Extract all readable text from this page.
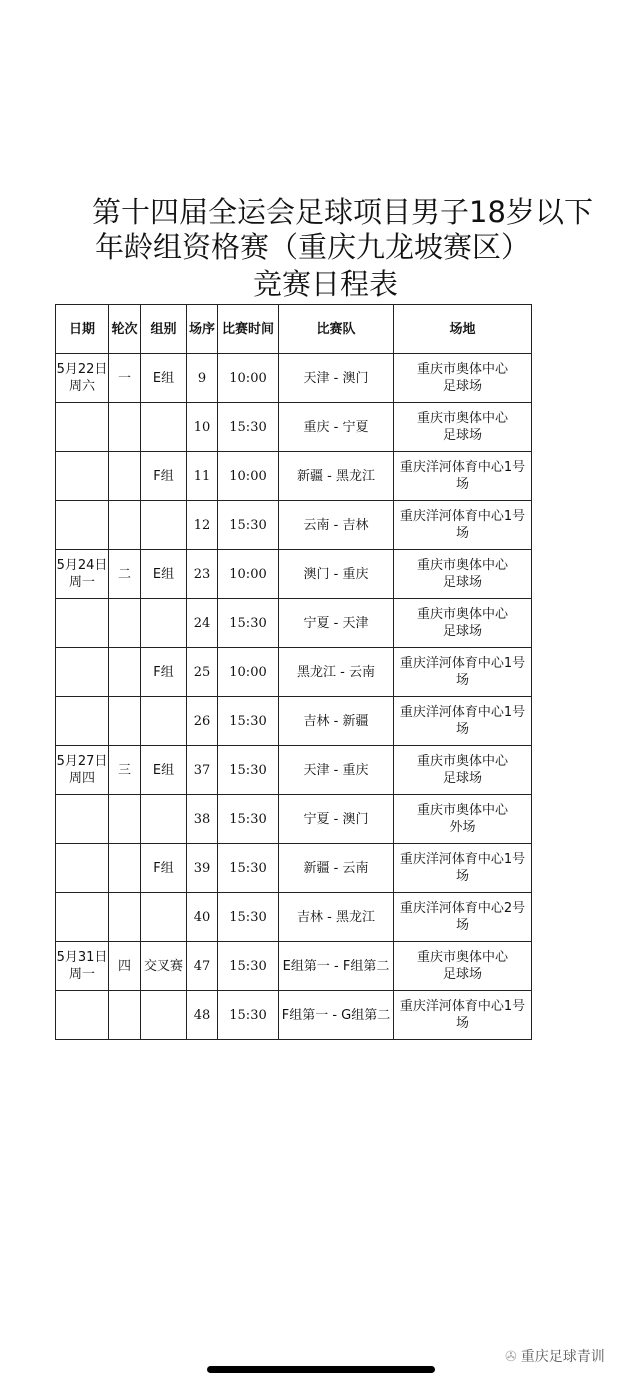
第十四届全运会足球项目男子18岁以下
年龄组资格赛（重庆九龙坡赛区）
竞赛日程表
日期	轮次	组别	场序	比赛时间	比赛队	场地
5月22日
周六	一	E组	9	10:00	天津 - 澳门	重庆市奥体中心
足球场
			10	15:30	重庆 - 宁夏	重庆市奥体中心
足球场
		F组	11	10:00	新疆 - 黑龙江	重庆洋河体育中心1号
场
			12	15:30	云南 - 吉林	重庆洋河体育中心1号
场
5月24日
周一	二	E组	23	10:00	澳门 - 重庆	重庆市奥体中心
足球场
			24	15:30	宁夏 - 天津	重庆市奥体中心
足球场
		F组	25	10:00	黑龙江 - 云南	重庆洋河体育中心1号
场
			26	15:30	吉林 - 新疆	重庆洋河体育中心1号
场
5月27日
周四	三	E组	37	15:30	天津 - 重庆	重庆市奥体中心
足球场
			38	15:30	宁夏 - 澳门	重庆市奥体中心
外场
		F组	39	15:30	新疆 - 云南	重庆洋河体育中心1号
场
			40	15:30	吉林 - 黑龙江	重庆洋河体育中心2号
场
5月31日
周一	四	交叉赛	47	15:30	E组第一 - F组第二	重庆市奥体中心
足球场
			48	15:30	F组第一 - G组第二	重庆洋河体育中心1号
场
✇ 重庆足球青训
